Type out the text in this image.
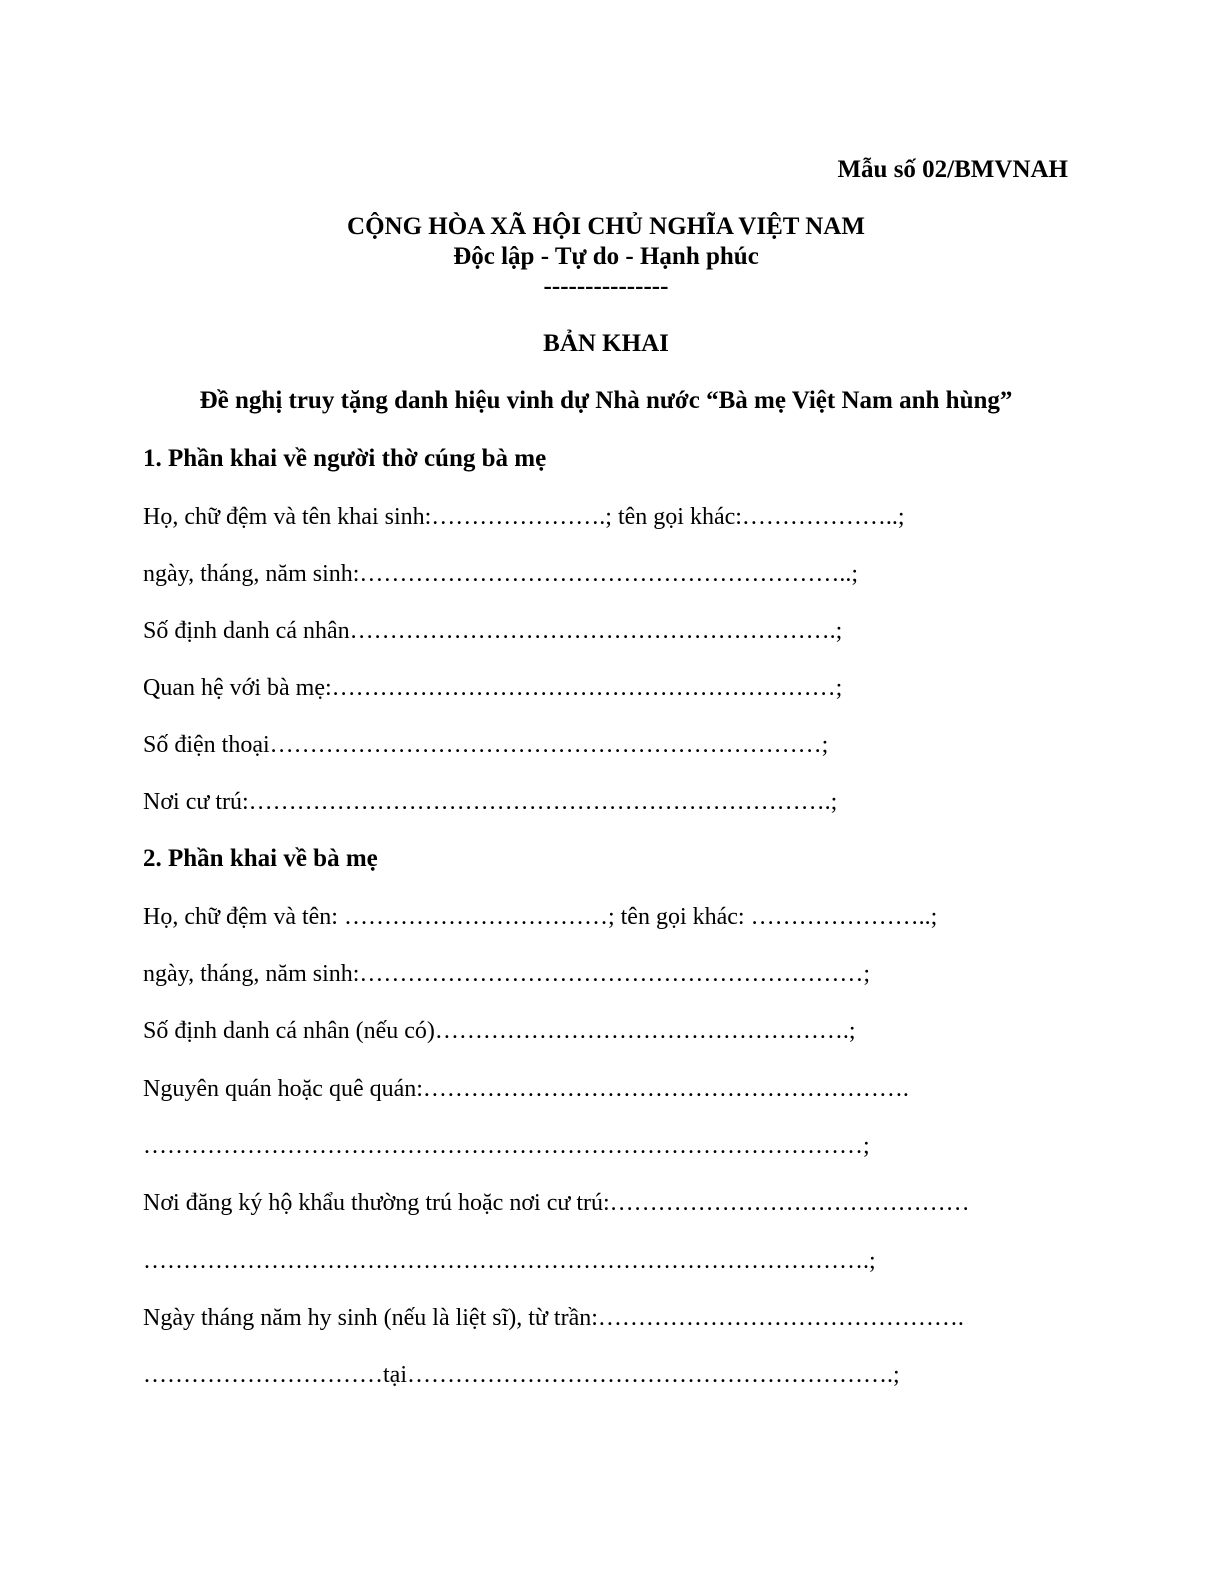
Mẫu số 02/BMVNAH
CỘNG HÒA XÃ HỘI CHỦ NGHĨA VIỆT NAM
Độc lập - Tự do - Hạnh phúc
---------------
BẢN KHAI
Đề nghị truy tặng danh hiệu vinh dự Nhà nước “Bà mẹ Việt Nam anh hùng”
1. Phần khai về người thờ cúng bà mẹ
Họ, chữ đệm và tên khai sinh:………………….; tên gọi khác:………………..;
ngày, tháng, năm sinh:……………………………………………………..;
Số định danh cá nhân…………………………………………………….;
Quan hệ với bà mẹ:………………………………………………………;
Số điện thoại……………………………………………………………;
Nơi cư trú:……………………………………………………………….;
2. Phần khai về bà mẹ
Họ, chữ đệm và tên: ……………………………; tên gọi khác: …………………..;
ngày, tháng, năm sinh:………………………………………………………;
Số định danh cá nhân (nếu có)…………………………………………….;
Nguyên quán hoặc quê quán:…………………………………………………….
………………………………………………………………………………;
Nơi đăng ký hộ khẩu thường trú hoặc nơi cư trú:………………………………………
……………………………………………………………………………….;
Ngày tháng năm hy sinh (nếu là liệt sĩ), từ trần:……………………………………….
…………………………tại…………………………………………………….;
